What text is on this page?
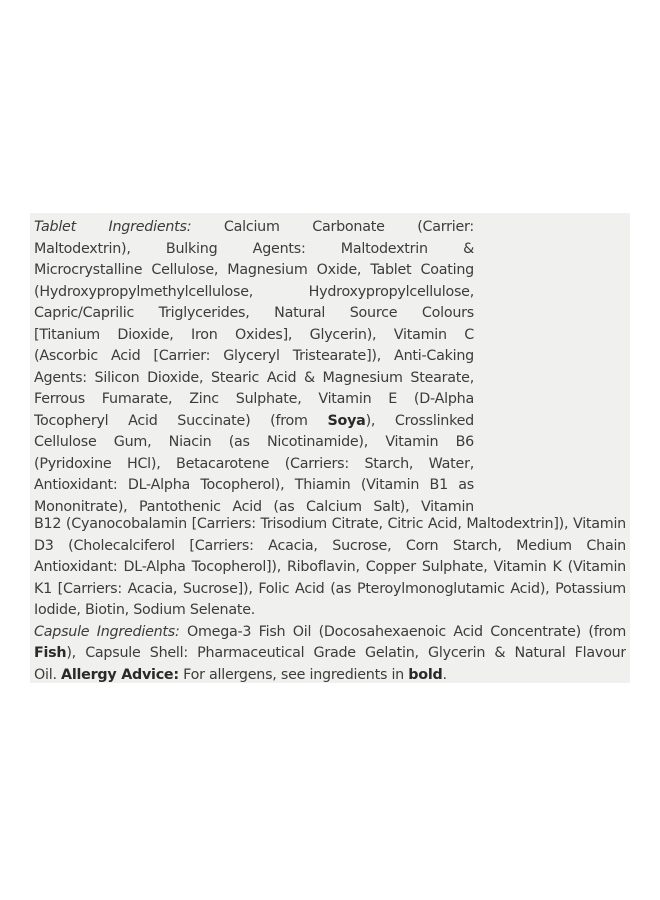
Tablet Ingredients: Calcium Carbonate (Carrier:
Maltodextrin), Bulking Agents: Maltodextrin &
Microcrystalline Cellulose, Magnesium Oxide, Tablet Coating
(Hydroxypropylmethylcellulose, Hydroxypropylcellulose,
Capric/Caprilic Triglycerides, Natural Source Colours
[Titanium Dioxide, Iron Oxides], Glycerin), Vitamin C
(Ascorbic Acid [Carrier: Glyceryl Tristearate]), Anti-Caking
Agents: Silicon Dioxide, Stearic Acid & Magnesium Stearate,
Ferrous Fumarate, Zinc Sulphate, Vitamin E (D-Alpha
Tocopheryl Acid Succinate) (from Soya), Crosslinked
Cellulose Gum, Niacin (as Nicotinamide), Vitamin B6
(Pyridoxine HCl), Betacarotene (Carriers: Starch, Water,
Antioxidant: DL-Alpha Tocopherol), Thiamin (Vitamin B1 as
Mononitrate), Pantothenic Acid (as Calcium Salt), Vitamin
B12 (Cyanocobalamin [Carriers: Trisodium Citrate, Citric Acid, Maltodextrin]), Vitamin
D3 (Cholecalciferol [Carriers: Acacia, Sucrose, Corn Starch, Medium Chain
Antioxidant: DL-Alpha Tocopherol]), Riboflavin, Copper Sulphate, Vitamin K (Vitamin
K1 [Carriers: Acacia, Sucrose]), Folic Acid (as Pteroylmonoglutamic Acid), Potassium
Iodide, Biotin, Sodium Selenate.
Capsule Ingredients: Omega-3 Fish Oil (Docosahexaenoic Acid Concentrate) (from
Fish), Capsule Shell: Pharmaceutical Grade Gelatin, Glycerin & Natural Flavour
Oil. Allergy Advice: For allergens, see ingredients in bold.
